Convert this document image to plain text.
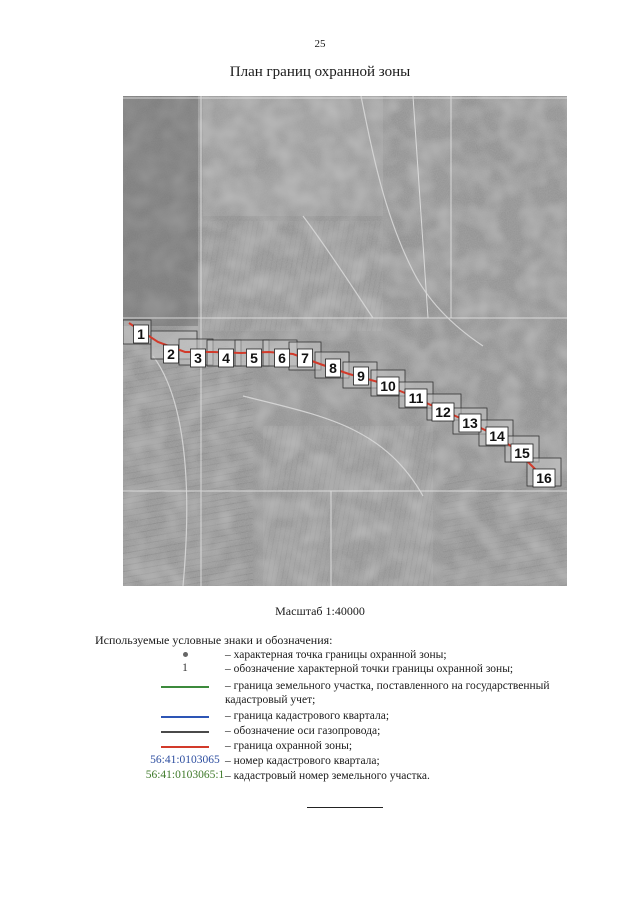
25
План границ охранной зоны
1
2 3 4 5 6 7
8 9
10
11
12
13
14
15
16
Масштаб 1:40000
Используемые условные знаки и обозначения:
– характерная точка границы охранной зоны;
1	– обозначение характерной точки границы охранной зоны;
– граница земельного участка, поставленного на государственный
кадастровый учет;
– граница кадастрового квартала;
– обозначение оси газопровода;
– граница охранной зоны;
56:41:0103065 – номер кадастрового квартала;
56:41:0103065:1 – кадастровый номер земельного участка.
